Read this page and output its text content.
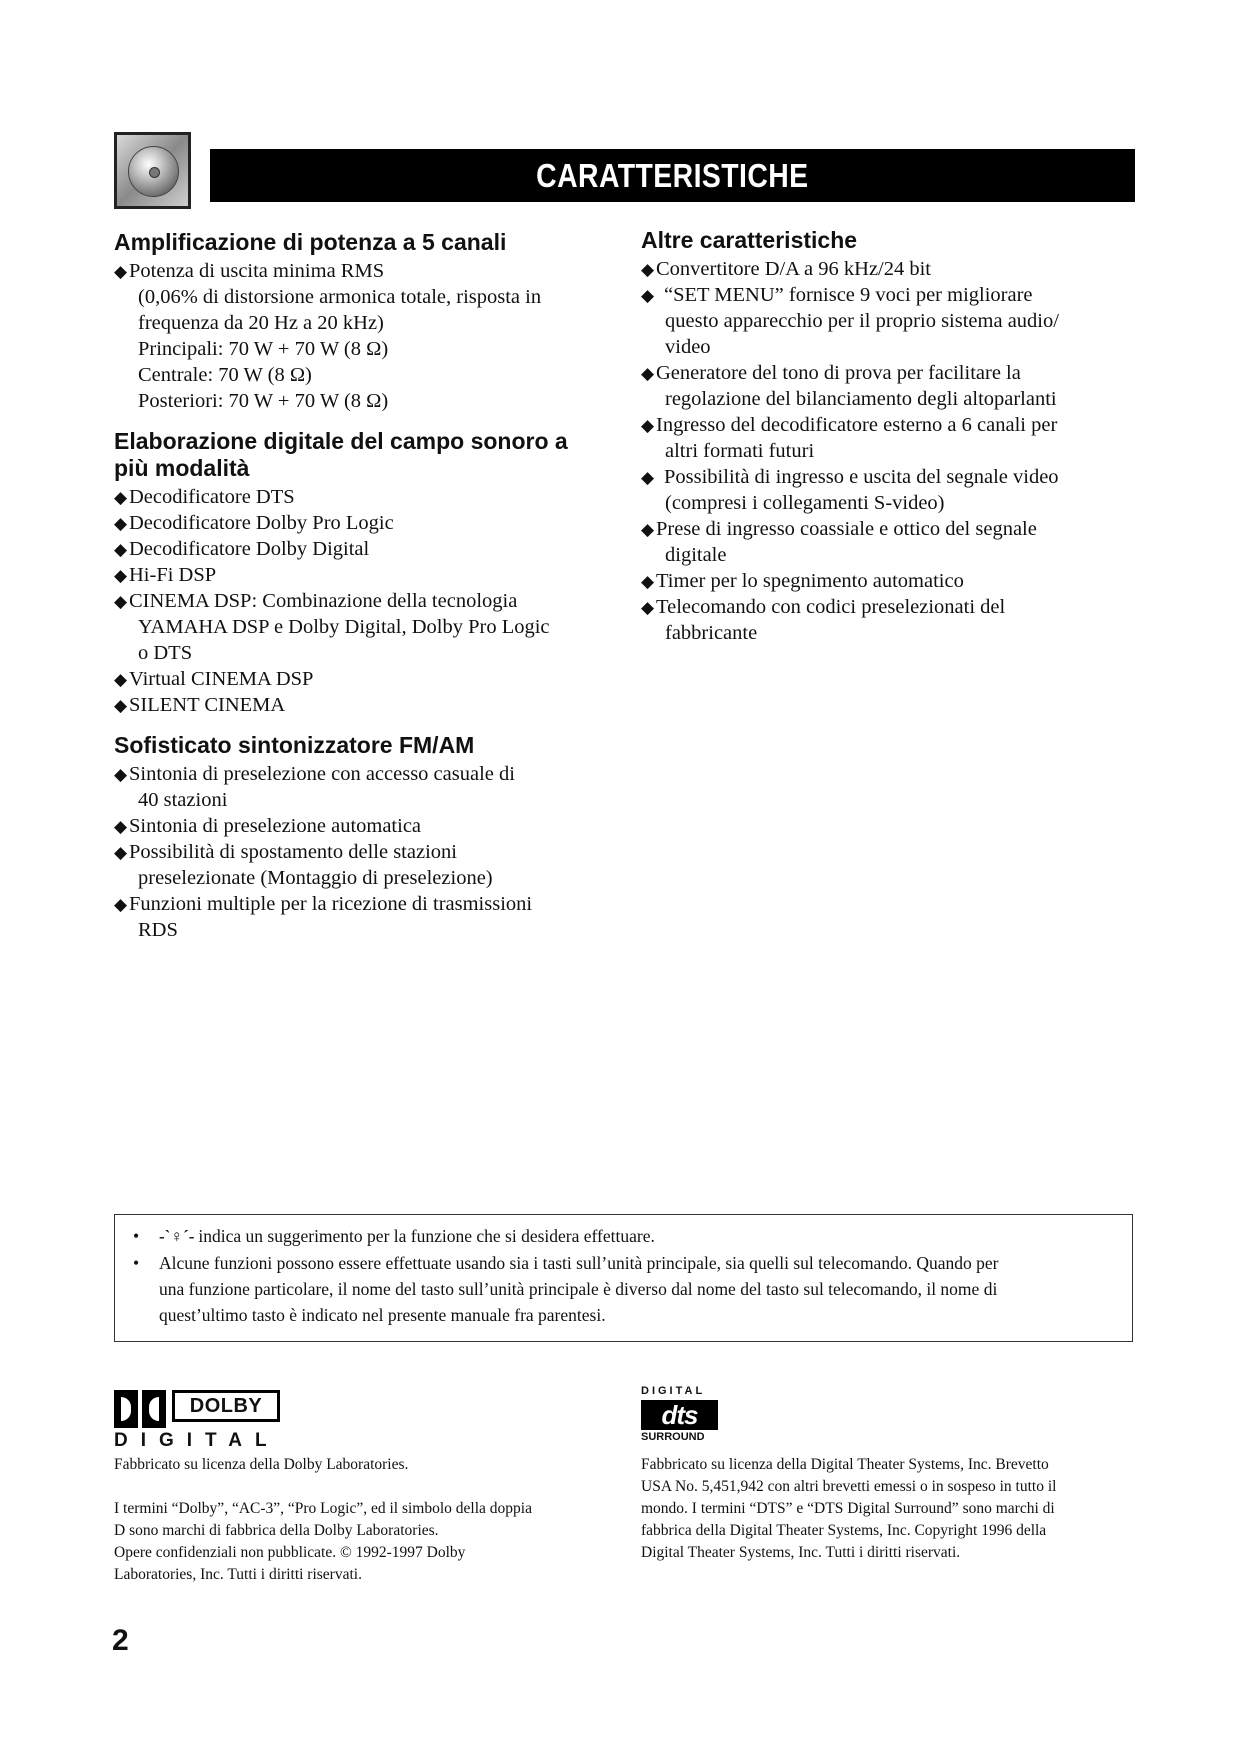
CARATTERISTICHE
Amplificazione di potenza a 5 canali
◆Potenza di uscita minima RMS
(0,06% di distorsione armonica totale, risposta in
frequenza da 20 Hz a 20 kHz)
Principali: 70 W + 70 W (8 Ω)
Centrale: 70 W (8 Ω)
Posteriori: 70 W + 70 W (8 Ω)
Elaborazione digitale del campo sonoro a
più modalità
◆Decodificatore DTS
◆Decodificatore Dolby Pro Logic
◆Decodificatore Dolby Digital
◆Hi-Fi DSP
◆CINEMA DSP: Combinazione della tecnologia
YAMAHA DSP e Dolby Digital, Dolby Pro Logic
o DTS
◆Virtual CINEMA DSP
◆SILENT CINEMA
Sofisticato sintonizzatore FM/AM
◆Sintonia di preselezione con accesso casuale di
40 stazioni
◆Sintonia di preselezione automatica
◆Possibilità di spostamento delle stazioni
preselezionate (Montaggio di preselezione)
◆Funzioni multiple per la ricezione di trasmissioni
RDS
Altre caratteristiche
◆Convertitore D/A a 96 kHz/24 bit
◆ “SET MENU” fornisce 9 voci per migliorare
questo apparecchio per il proprio sistema audio/
video
◆Generatore del tono di prova per facilitare la
regolazione del bilanciamento degli altoparlanti
◆Ingresso del decodificatore esterno a 6 canali per
altri formati futuri
◆ Possibilità di ingresso e uscita del segnale video
(compresi i collegamenti S-video)
◆Prese di ingresso coassiale e ottico del segnale
digitale
◆Timer per lo spegnimento automatico
◆Telecomando con codici preselezionati del
fabbricante
• -`♀´- indica un suggerimento per la funzione che si desidera effettuare.
• Alcune funzioni possono essere effettuate usando sia i tasti sull’unità principale, sia quelli sul telecomando. Quando per
una funzione particolare, il nome del tasto sull’unità principale è diverso dal nome del tasto sul telecomando, il nome di
quest’ultimo tasto è indicato nel presente manuale fra parentesi.
DOLBY
DIGITAL
DIGITAL
dts
SURROUND
Fabbricato su licenza della Dolby Laboratories.
I termini “Dolby”, “AC-3”, “Pro Logic”, ed il simbolo della doppia
D sono marchi di fabbrica della Dolby Laboratories.
Opere confidenziali non pubblicate. © 1992-1997 Dolby
Laboratories, Inc. Tutti i diritti riservati.
Fabbricato su licenza della Digital Theater Systems, Inc. Brevetto
USA No. 5,451,942 con altri brevetti emessi o in sospeso in tutto il
mondo. I termini “DTS” e “DTS Digital Surround” sono marchi di
fabbrica della Digital Theater Systems, Inc. Copyright 1996 della
Digital Theater Systems, Inc. Tutti i diritti riservati.
2
